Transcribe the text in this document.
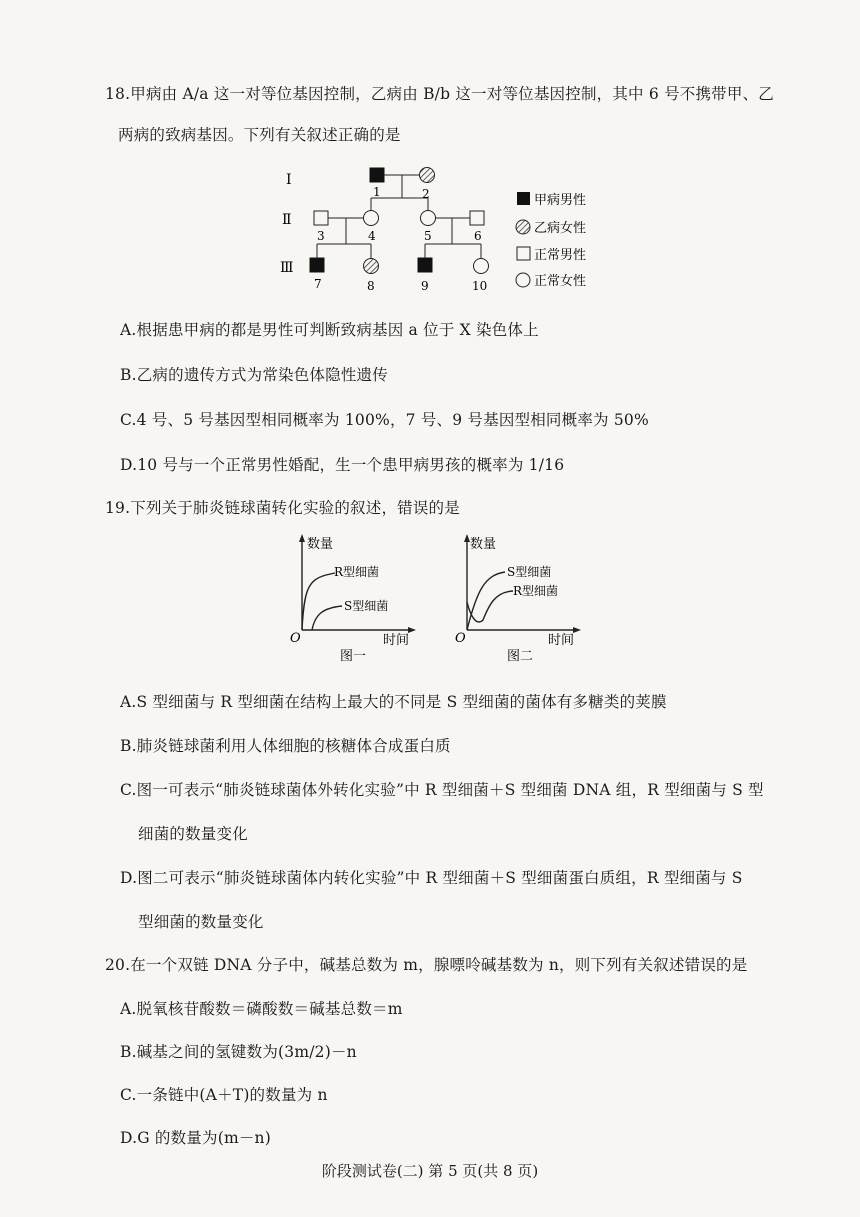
18.甲病由 A/a 这一对等位基因控制，乙病由 B/b 这一对等位基因控制，其中 6 号不携带甲、乙
两病的致病基因。下列有关叙述正确的是
Ⅰ
Ⅱ
Ⅲ
1	2
3	4	5	6
7	8	9	10
甲病男性
乙病女性
正常男性
正常女性
A.根据患甲病的都是男性可判断致病基因 a 位于 X 染色体上
B.乙病的遗传方式为常染色体隐性遗传
C.4 号、5 号基因型相同概率为 100%，7 号、9 号基因型相同概率为 50%
D.10 号与一个正常男性婚配，生一个患甲病男孩的概率为 1/16
19.下列关于肺炎链球菌转化实验的叙述，错误的是
数量
O	时间
图一
R型细菌
S型细菌
数量
O	时间
图二
S型细菌
R型细菌
A.S 型细菌与 R 型细菌在结构上最大的不同是 S 型细菌的菌体有多糖类的荚膜
B.肺炎链球菌利用人体细胞的核糖体合成蛋白质
C.图一可表示“肺炎链球菌体外转化实验”中 R 型细菌＋S 型细菌 DNA 组，R 型细菌与 S 型
细菌的数量变化
D.图二可表示“肺炎链球菌体内转化实验”中 R 型细菌＋S 型细菌蛋白质组，R 型细菌与 S
型细菌的数量变化
20.在一个双链 DNA 分子中，碱基总数为 m，腺嘌呤碱基数为 n，则下列有关叙述错误的是
A.脱氧核苷酸数＝磷酸数＝碱基总数＝m
B.碱基之间的氢键数为(3m/2)－n
C.一条链中(A＋T)的数量为 n
D.G 的数量为(m－n)
阶段测试卷(二) 第 5 页(共 8 页)
